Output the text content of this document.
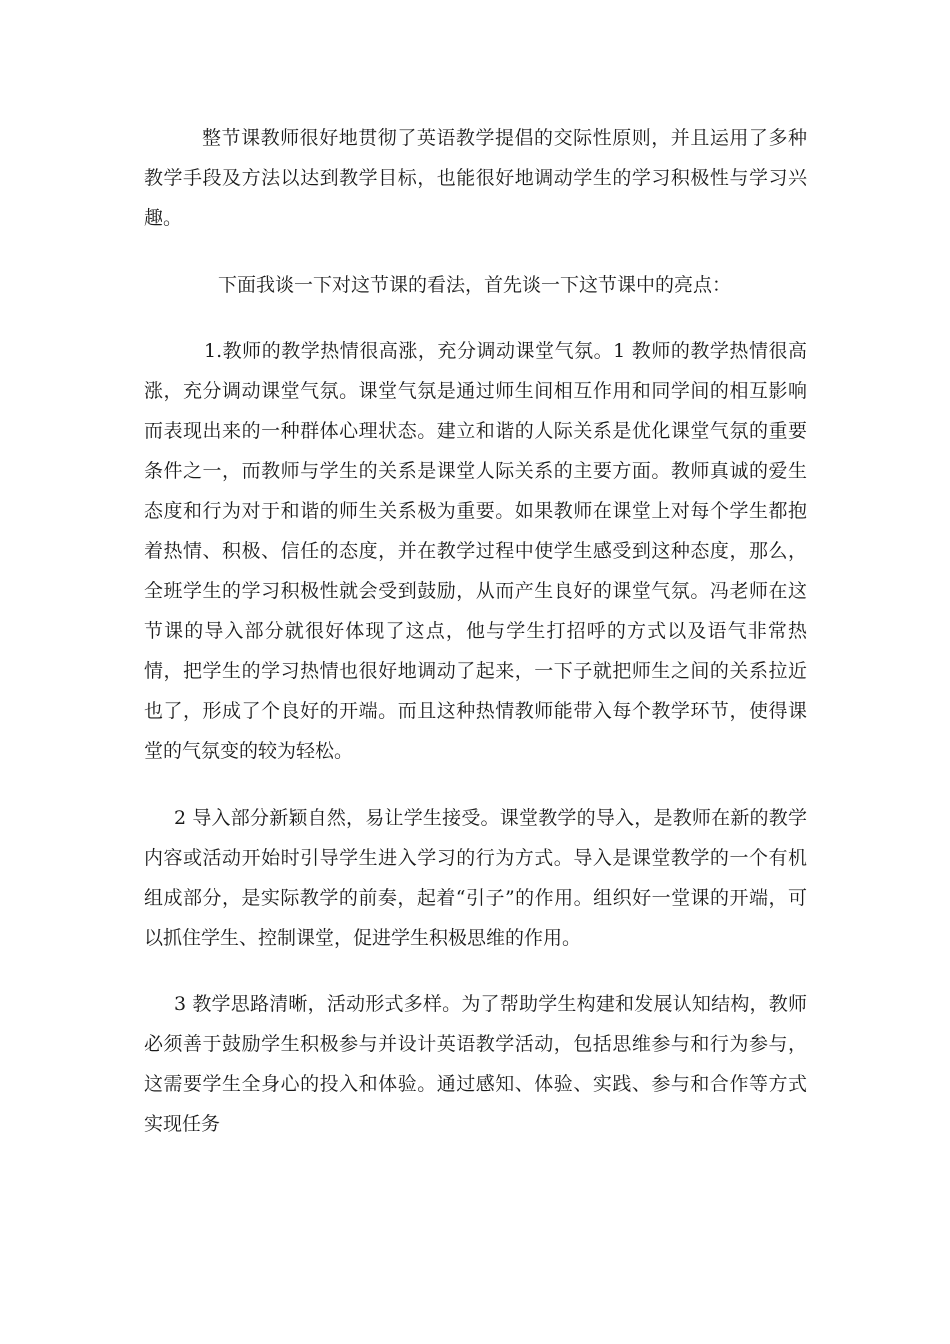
整节课教师很好地贯彻了英语教学提倡的交际性原则，并且运用了多种教学手段及方法以达到教学目标，也能很好地调动学生的学习积极性与学习兴趣。

下面我谈一下对这节课的看法，首先谈一下这节课中的亮点：

1.教师的教学热情很高涨，充分调动课堂气氛。1 教师的教学热情很高涨，充分调动课堂气氛。课堂气氛是通过师生间相互作用和同学间的相互影响而表现出来的一种群体心理状态。建立和谐的人际关系是优化课堂气氛的重要条件之一，而教师与学生的关系是课堂人际关系的主要方面。教师真诚的爱生态度和行为对于和谐的师生关系极为重要。如果教师在课堂上对每个学生都抱着热情、积极、信任的态度，并在教学过程中使学生感受到这种态度，那么，全班学生的学习积极性就会受到鼓励，从而产生良好的课堂气氛。冯老师在这节课的导入部分就很好体现了这点，他与学生打招呼的方式以及语气非常热情，把学生的学习热情也很好地调动了起来，一下子就把师生之间的关系拉近也了，形成了个良好的开端。而且这种热情教师能带入每个教学环节，使得课堂的气氛变的较为轻松。

2 导入部分新颖自然，易让学生接受。课堂教学的导入，是教师在新的教学内容或活动开始时引导学生进入学习的行为方式。导入是课堂教学的一个有机组成部分，是实际教学的前奏，起着“引子”的作用。组织好一堂课的开端，可以抓住学生、控制课堂，促进学生积极思维的作用。

3 教学思路清晰，活动形式多样。为了帮助学生构建和发展认知结构，教师必须善于鼓励学生积极参与并设计英语教学活动，包括思维参与和行为参与，这需要学生全身心的投入和体验。通过感知、体验、实践、参与和合作等方式实现任务
